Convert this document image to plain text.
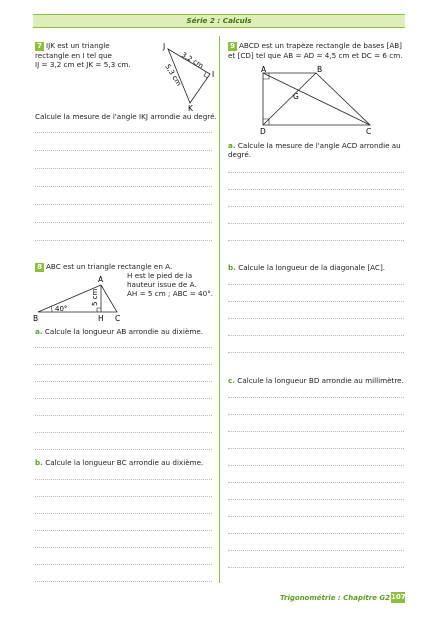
Série 2 : Calculs
7 IJK est un triangle
rectangle en I tel que
IJ = 3,2 cm et JK = 5,3 cm.
J
I
K
3,2 cm
5,3 cm
Calcule la mesure de l'angle IKJ arrondie au degré.
9 ABCD est un trapèze rectangle de bases [AB]
et [CD] tel que AB = AD = 4,5 cm et DC = 6 cm.
A	B
G
D	C
a. Calcule la mesure de l'angle ACD arrondie au
degré.
b. Calcule la longueur de la diagonale [AC].
c. Calcule la longueur BD arrondie au millimètre.
8 ABC est un triangle rectangle en A.
H est le pied de la
hauteur issue de A.
AH = 5 cm ; ABC = 40°.
A
B	H C
40°
5 cm
a. Calcule la longueur AB arrondie au dixième.
b. Calcule la longueur BC arrondie au dixième.
Trigonométrie : Chapitre G2 107
